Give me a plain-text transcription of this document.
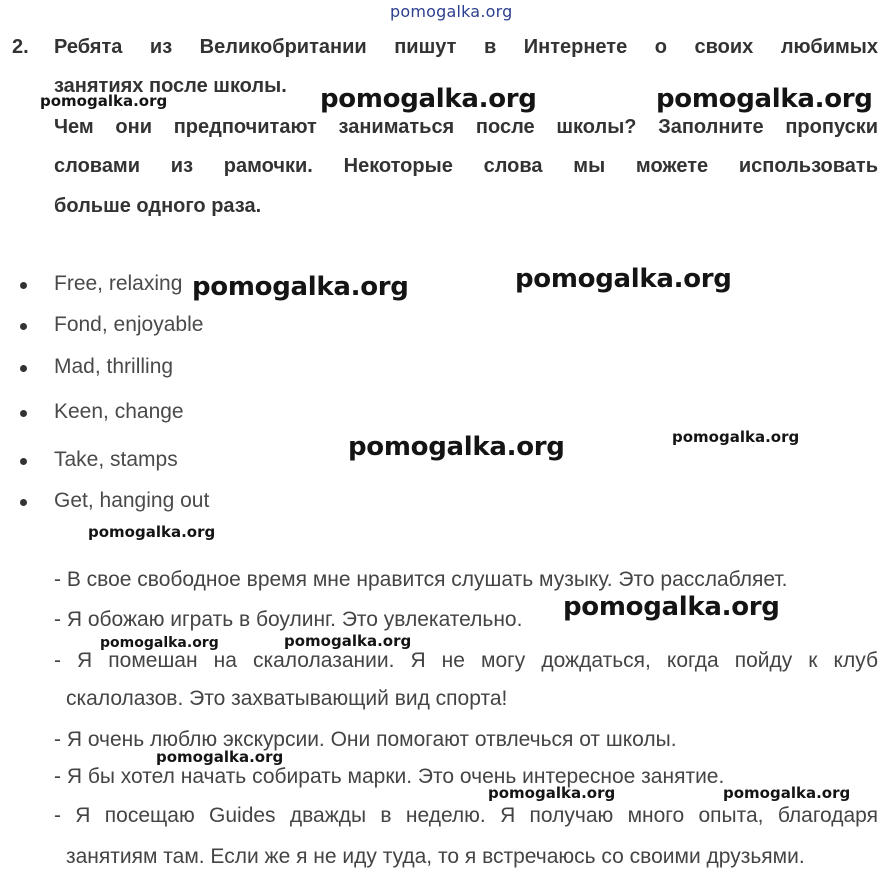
pomogalka.org
2. Ребята из Великобритании пишут в Интернете о своих любимых
занятиях после школы.
Чем они предпочитают заниматься после школы? Заполните пропуски
словами из рамочки. Некоторые слова мы можете использовать
больше одного раза.
Free, relaxing
Fond, enjoyable
Mad, thrilling
Keen, change
Take, stamps
Get, hanging out
- В свое свободное время мне нравится слушать музыку. Это расслабляет.
- Я обожаю играть в боулинг. Это увлекательно.
- Я помешан на скалолазании. Я не могу дождаться, когда пойду к клуб
скалолазов. Это захватывающий вид спорта!
- Я очень люблю экскурсии. Они помогают отвлечься от школы.
- Я бы хотел начать собирать марки. Это очень интересное занятие.
- Я посещаю Guides дважды в неделю. Я получаю много опыта, благодаря
занятиям там. Если же я не иду туда, то я встречаюсь со своими друзьями.
pomogalka.org	pomogalka.org	pomogalka.org
pomogalka.org	pomogalka.org
pomogalka.org
pomogalka.org
pomogalka.org
pomogalka.org
pomogalka.org	pomogalka.org
pomogalka.org
pomogalka.org	pomogalka.org
